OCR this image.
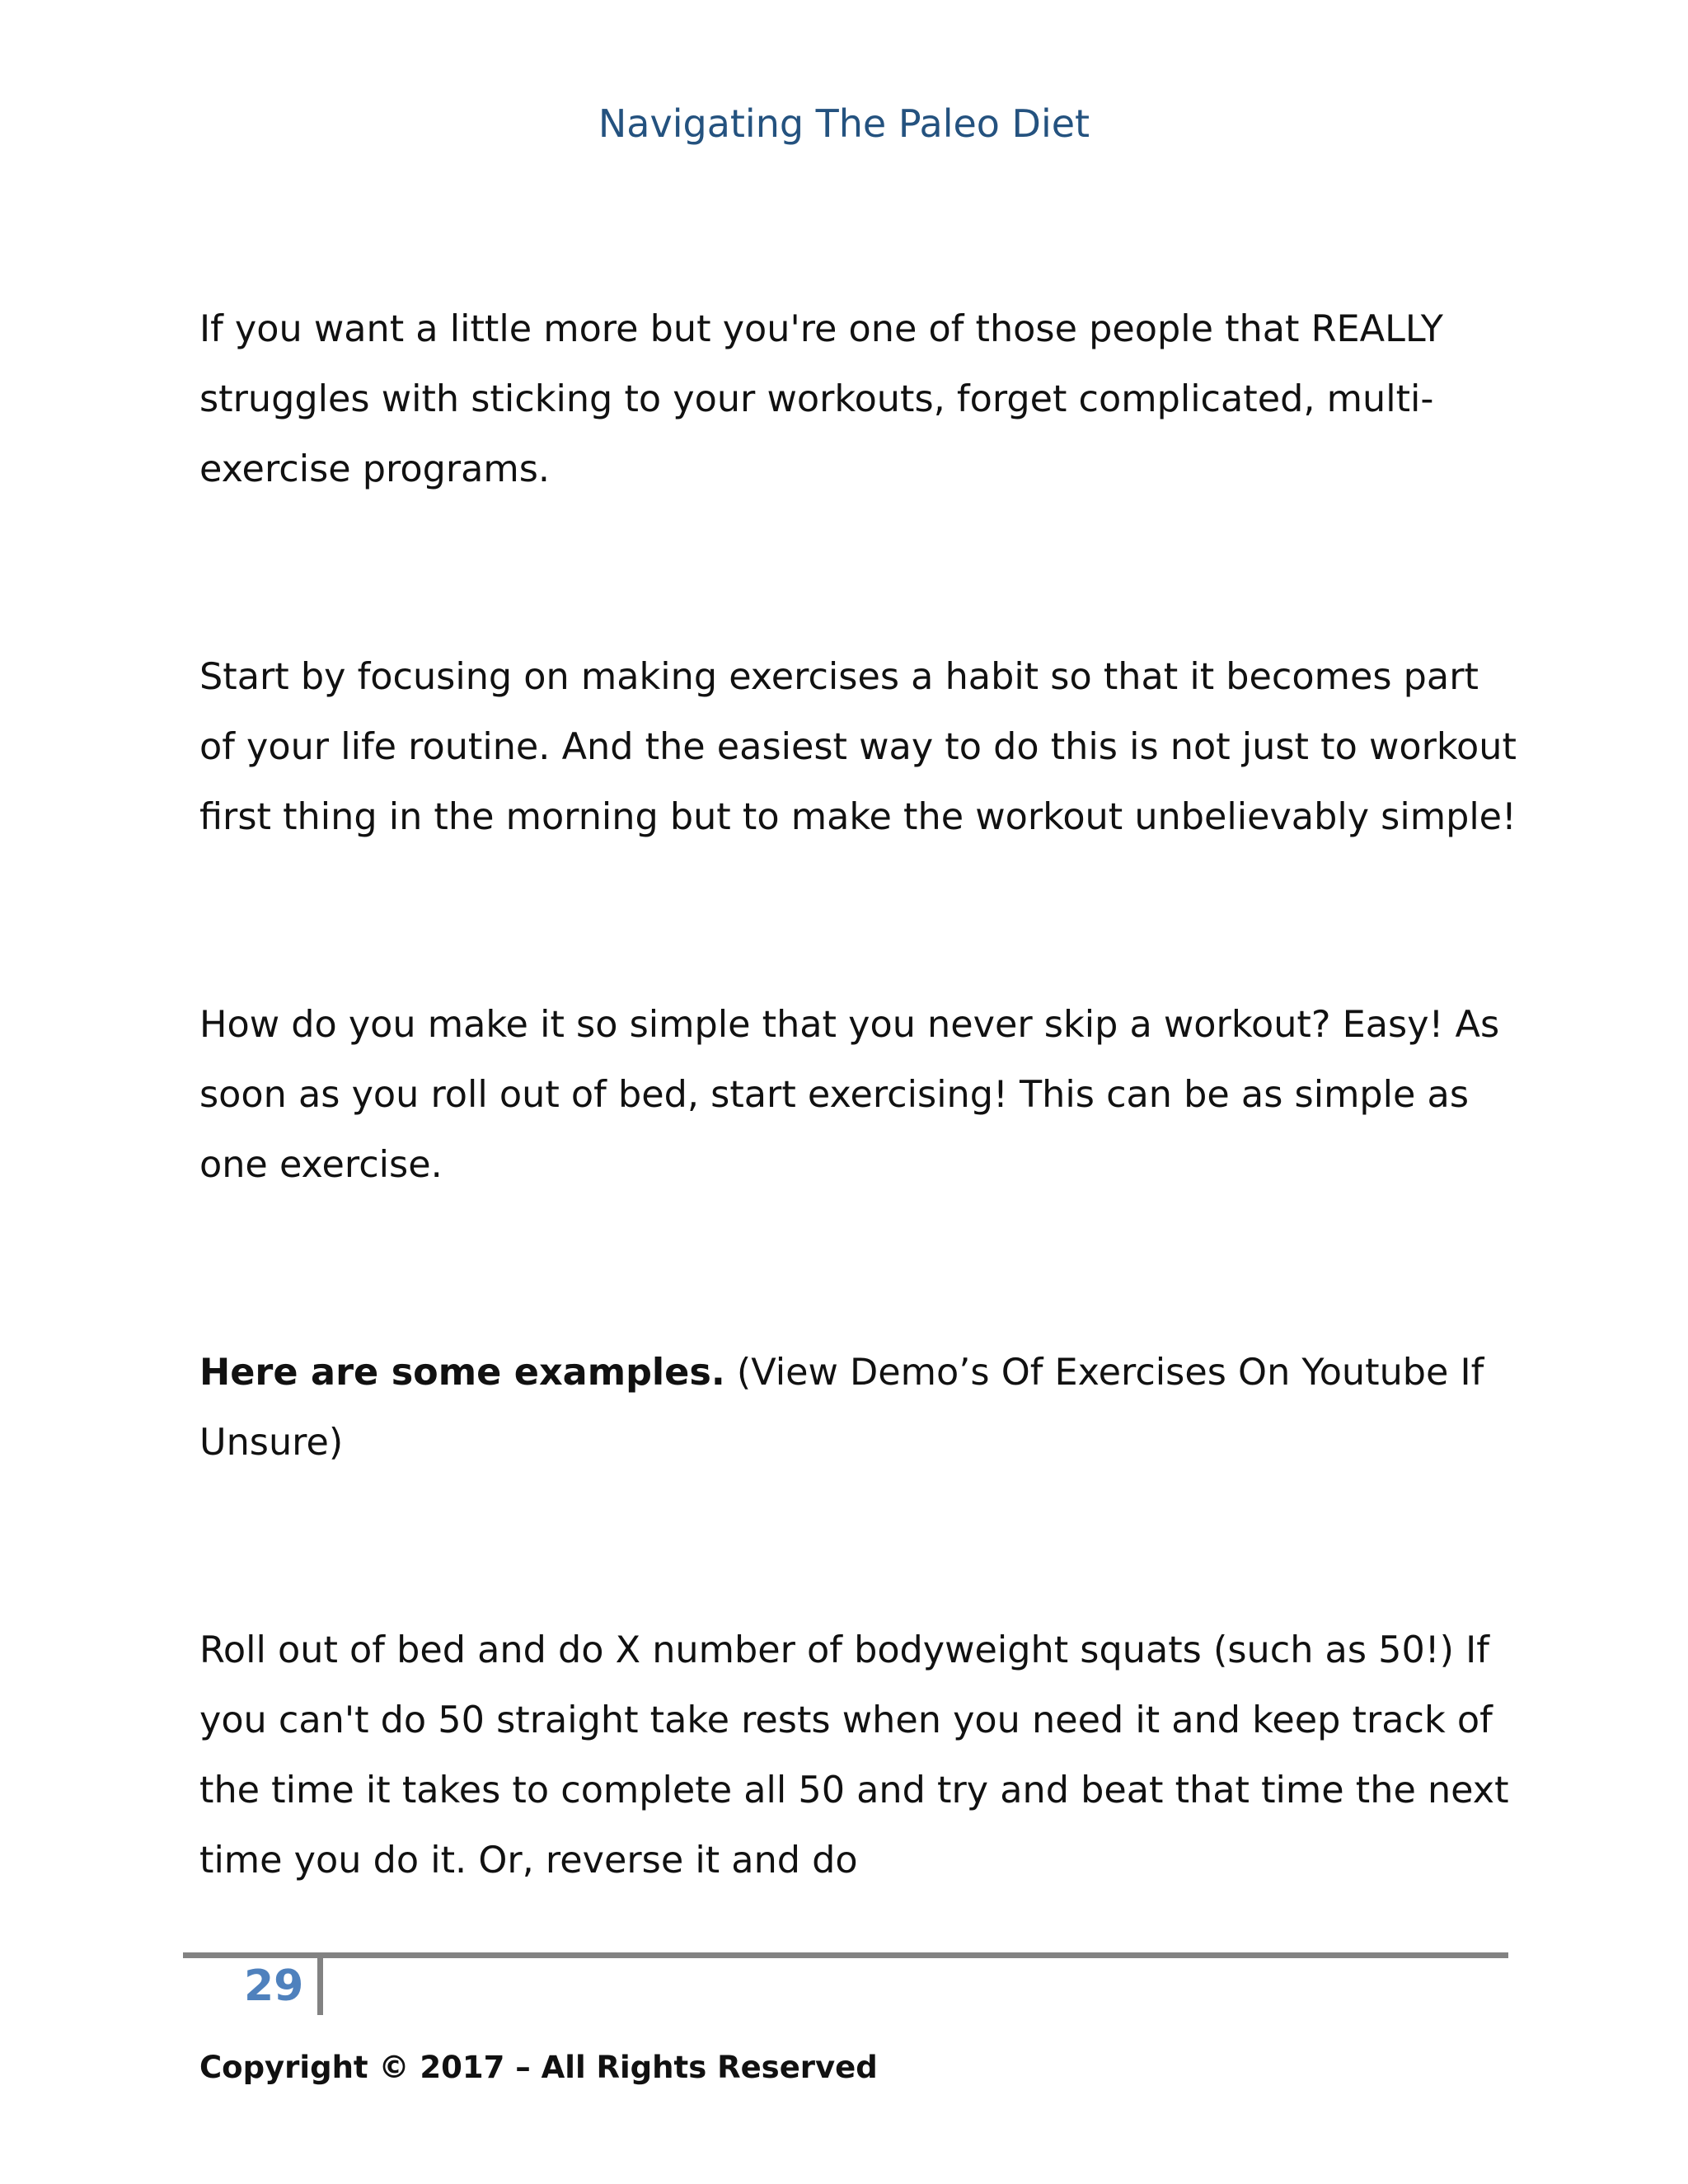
Navigating The Paleo Diet

If you want a little more but you're one of those people that REALLY struggles with sticking to your workouts, forget complicated, multi-exercise programs.

Start by focusing on making exercises a habit so that it becomes part of your life routine. And the easiest way to do this is not just to workout first thing in the morning but to make the workout unbelievably simple!

How do you make it so simple that you never skip a workout? Easy! As soon as you roll out of bed, start exercising! This can be as simple as one exercise.

Here are some examples. (View Demo’s Of Exercises On Youtube If Unsure)

Roll out of bed and do X number of bodyweight squats (such as 50!) If you can't do 50 straight take rests when you need it and keep track of the time it takes to complete all 50 and try and beat that time the next time you do it. Or, reverse it and do

29
Copyright © 2017 – All Rights Reserved
